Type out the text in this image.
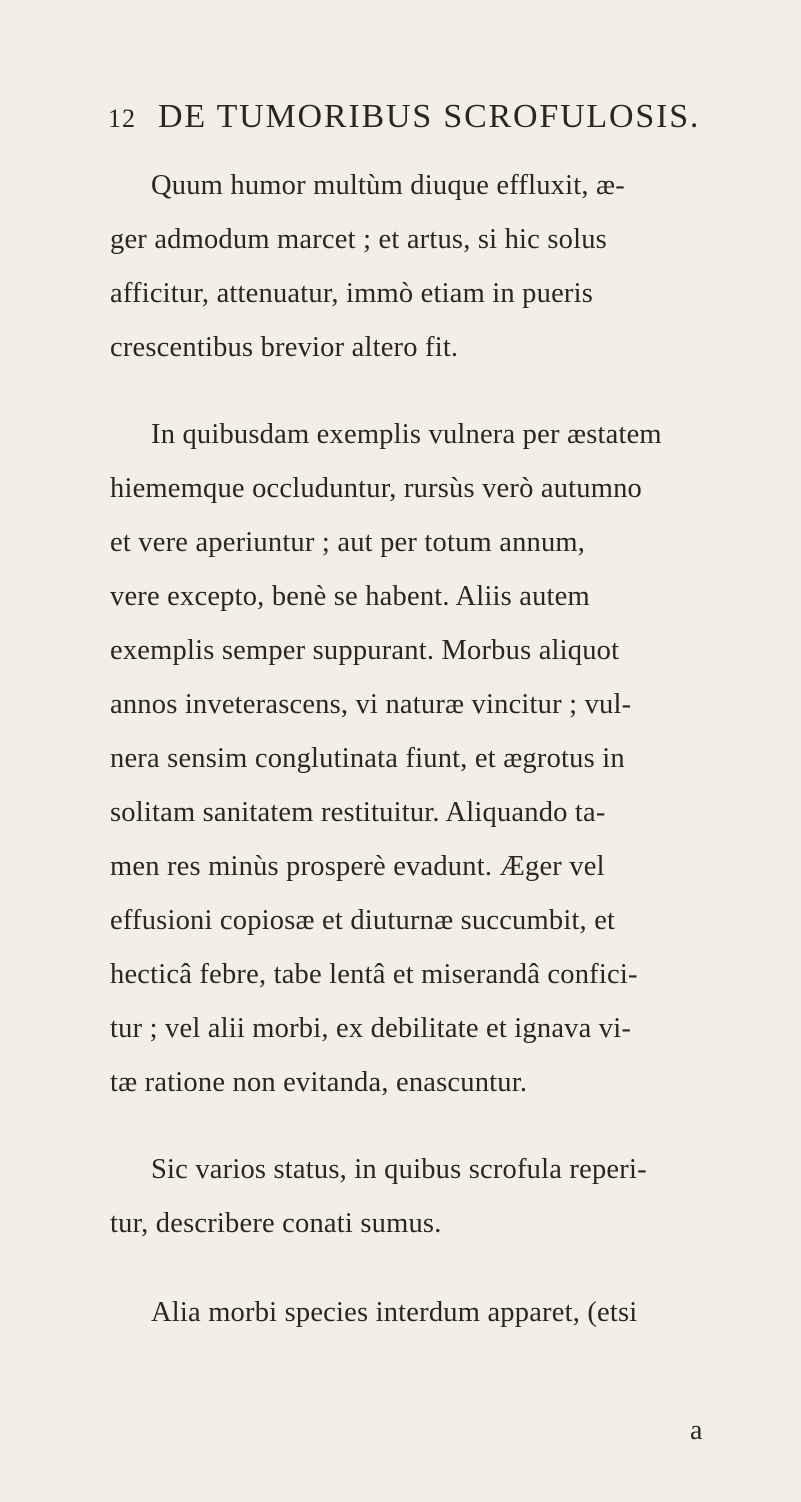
12 DE TUMORIBUS SCROFULOSIS.
Quum humor multùm diuque effluxit, æ-
ger admodum marcet ; et artus, si hic solus
afficitur, attenuatur, immò etiam in pueris
crescentibus brevior altero fit.
In quibusdam exemplis vulnera per æstatem
hiememque occluduntur, rursùs verò autumno
et vere aperiuntur ; aut per totum annum,
vere excepto, benè se habent. Aliis autem
exemplis semper suppurant. Morbus aliquot
annos inveterascens, vi naturæ vincitur ; vul-
nera sensim conglutinata fiunt, et ægrotus in
solitam sanitatem restituitur. Aliquando ta-
men res minùs prosperè evadunt. Æger vel
effusioni copiosæ et diuturnæ succumbit, et
hecticâ febre, tabe lentâ et miserandâ confici-
tur ; vel alii morbi, ex debilitate et ignava vi-
tæ ratione non evitanda, enascuntur.
Sic varios status, in quibus scrofula reperi-
tur, describere conati sumus.
Alia morbi species interdum apparet, (etsi
a
